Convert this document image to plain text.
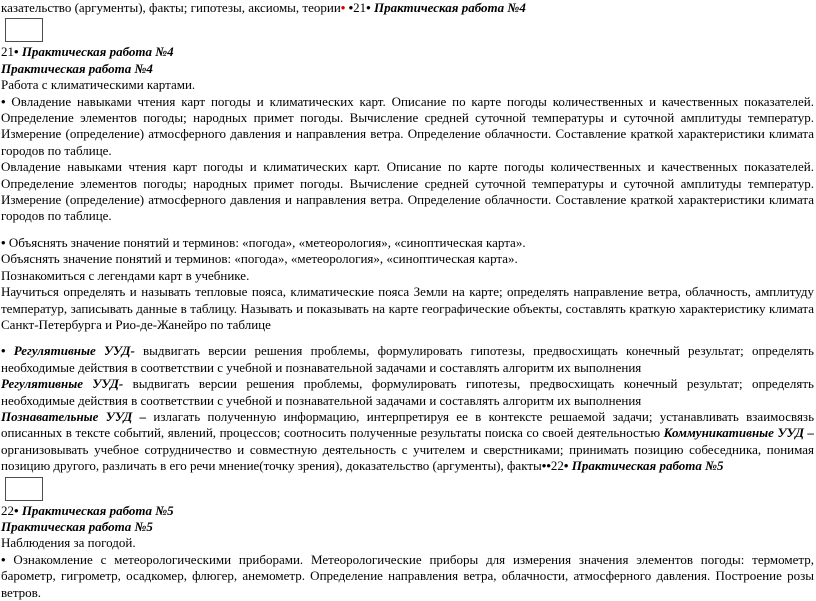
казательство (аргументы), факты; гипотезы, аксиомы, теории• •21• Практическая работа №4
21• Практическая работа №4
Практическая работа №4
Работа с климатическими картами.
• Овладение навыками чтения карт погоды и климатических карт. Описание по карте погоды количественных и качественных показателей. Определение элементов погоды; народных примет погоды. Вычисление средней суточной температуры и суточной амплитуды температур. Измерение (определение) атмосферного давления и направления ветра. Определение облачности. Составление краткой характеристики климата городов по таблице.
Овладение навыками чтения карт погоды и климатических карт. Описание по карте погоды количественных и качественных показателей. Определение элементов погоды; народных примет погоды. Вычисление средней суточной температуры и суточной амплитуды температур. Измерение (определение) атмосферного давления и направления ветра. Определение облачности. Составление краткой характеристики климата городов по таблице.
• Объяснять значение понятий и терминов: «погода», «метеорология», «синоптическая карта».
Объяснять значение понятий и терминов: «погода», «метеорология», «синоптическая карта».
Познакомиться с легендами карт в учебнике.
Научиться определять и называть тепловые пояса, климатические пояса Земли на карте; определять направление ветра, облачность, амплитуду температур, записывать данные в таблицу. Называть и показывать на карте географические объекты, составлять краткую характеристику климата Санкт-Петербурга и Рио-де-Жанейро по таблице
• Регулятивные УУД- выдвигать версии решения проблемы, формулировать гипотезы, предвосхищать конечный результат; определять необходимые действия в соответствии с учебной и познавательной задачами и составлять алгоритм их выполнения
Регулятивные УУД- выдвигать версии решения проблемы, формулировать гипотезы, предвосхищать конечный результат; определять необходимые действия в соответствии с учебной и познавательной задачами и составлять алгоритм их выполнения
Познавательные УУД – излагать полученную информацию, интерпретируя ее в контексте решаемой задачи; устанавливать взаимосвязь описанных в тексте событий, явлений, процессов; соотносить полученные результаты поиска со своей деятельностью Коммуникативные УУД – организовывать учебное сотрудничество и совместную деятельность с учителем и сверстниками; принимать позицию собеседника, понимая позицию другого, различать в его речи мнение(точку зрения), доказательство (аргументы), факты••22• Практическая работа №5
22• Практическая работа №5
Практическая работа №5
Наблюдения за погодой.
• Ознакомление с метеорологическими приборами. Метеорологические приборы для измерения значения элементов погоды: термометр, барометр, гигрометр, осадкомер, флюгер, анемометр. Определение направления ветра, облачности, атмосферного давления. Построение розы ветров.
